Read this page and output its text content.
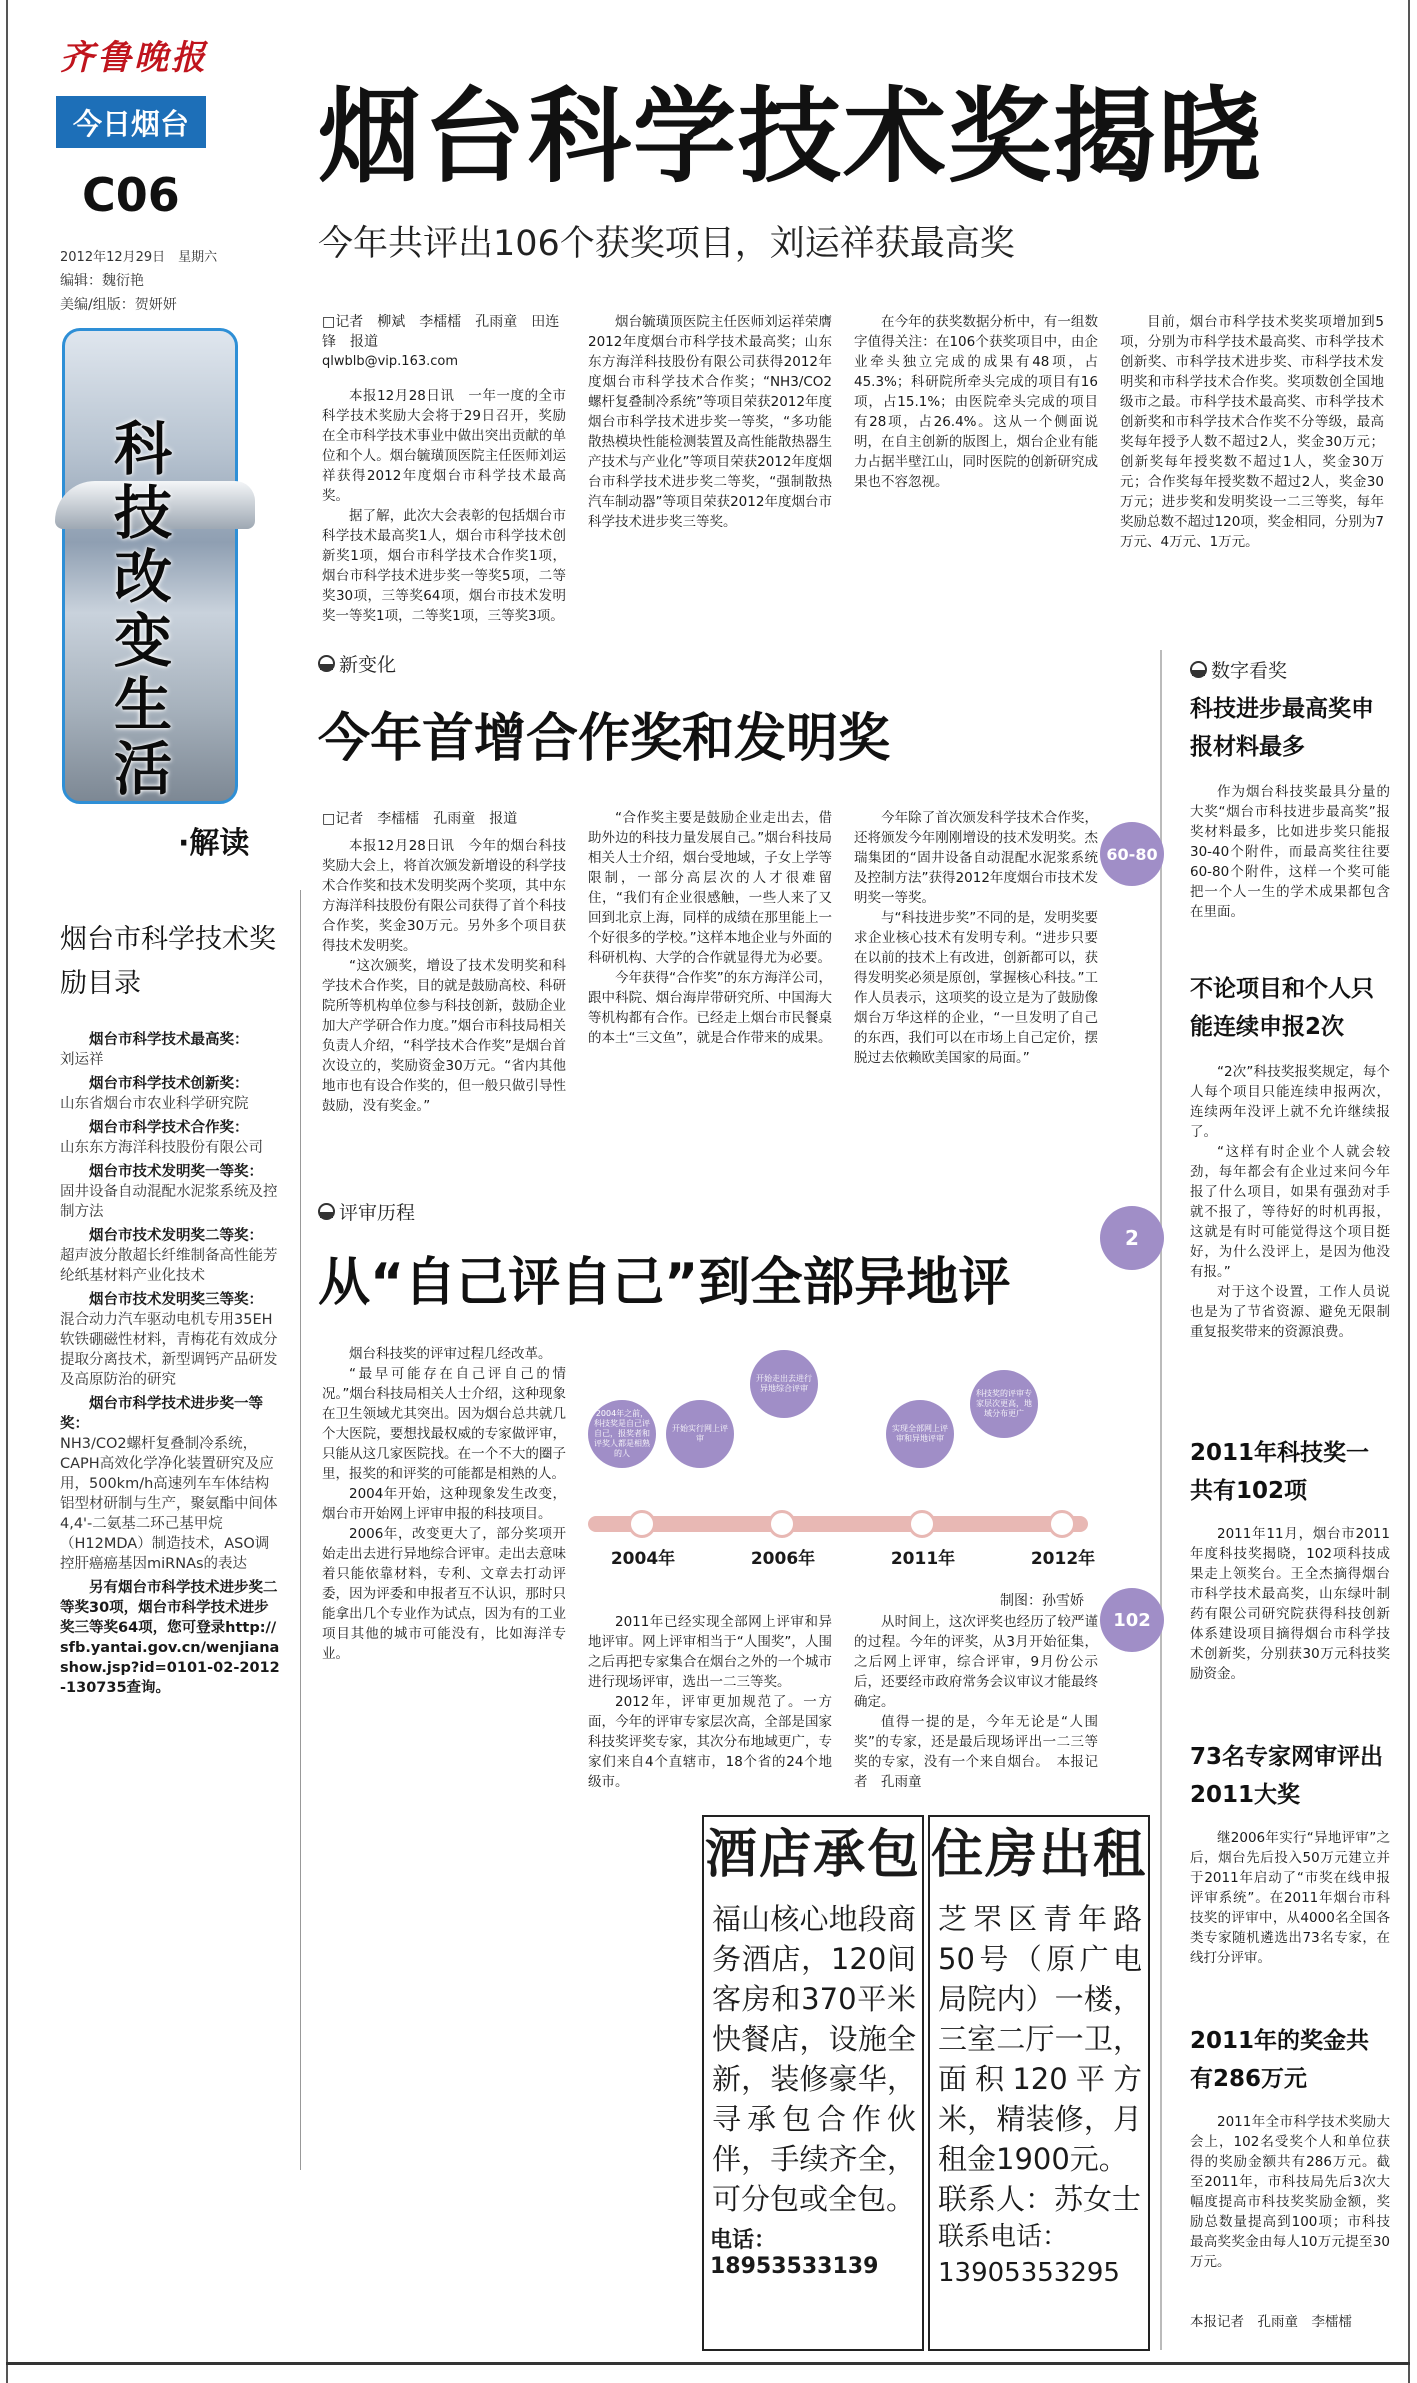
齐鲁晚报
今日烟台
C06
2012年12月29日　星期六
编辑：魏衍艳
美编/组版：贺妍妍
烟台科学技术奖揭晓
今年共评出106个获奖项目，刘运祥获最高奖
科技改变生活
·解读
烟台市科学技术奖励目录
烟台市科学技术最高奖：
刘运祥
烟台市科学技术创新奖：
山东省烟台市农业科学研究院
烟台市科学技术合作奖：
山东东方海洋科技股份有限公司
烟台市技术发明奖一等奖：
固井设备自动混配水泥浆系统及控制方法
烟台市技术发明奖二等奖：
超声波分散超长纤维制备高性能芳纶纸基材料产业化技术
烟台市技术发明奖三等奖：
混合动力汽车驱动电机专用35EH软铁硼磁性材料，青梅花有效成分提取分离技术，新型调钙产品研发及高原防治的研究
烟台市科学技术进步奖一等奖：
NH3/CO2螺杆复叠制冷系统，CAPH高效化学净化装置研究及应用，500km/h高速列车车体结构铝型材研制与生产，聚氨酯中间体4,4'-二氨基二环己基甲烷（H12MDA）制造技术，ASO调控肝癌癌基因miRNAs的表达
另有烟台市科学技术进步奖二等奖30项，烟台市科学技术进步奖三等奖64项，您可登录http://sfb.yantai.gov.cn/wenjianashow.jsp?id=0101-02-2012-130735查询。
□记者　柳斌　李檑檑　孔雨童　田连锋　报道
qlwblb@vip.163.com

本报12月28日讯　一年一度的全市科学技术奖励大会将于29日召开，奖励在全市科学技术事业中做出突出贡献的单位和个人。烟台毓璜顶医院主任医师刘运祥获得2012年度烟台市科学技术最高奖。

据了解，此次大会表彰的包括烟台市科学技术最高奖1人，烟台市科学技术创新奖1项，烟台市科学技术合作奖1项，烟台市科学技术进步奖一等奖5项，二等奖30项，三等奖64项，烟台市技术发明奖一等奖1项，二等奖1项，三等奖3项。

烟台毓璜顶医院主任医师刘运祥荣膺2012年度烟台市科学技术最高奖；山东东方海洋科技股份有限公司获得2012年度烟台市科学技术合作奖；“NH3/CO2螺杆复叠制冷系统”等项目荣获2012年度烟台市科学技术进步奖一等奖，“多功能散热模块性能检测装置及高性能散热器生产技术与产业化”等项目荣获2012年度烟台市科学技术进步奖二等奖，“强制散热汽车制动器”等项目荣获2012年度烟台市科学技术进步奖三等奖。

在今年的获奖数据分析中，有一组数字值得关注：在106个获奖项目中，由企业牵头独立完成的成果有48项，占45.3%；科研院所牵头完成的项目有16项，占15.1%；由医院牵头完成的项目有28项，占26.4%。这从一个侧面说明，在自主创新的版图上，烟台企业有能力占据半壁江山，同时医院的创新研究成果也不容忽视。

目前，烟台市科学技术奖奖项增加到5项，分别为市科学技术最高奖、市科学技术创新奖、市科学技术进步奖、市科学技术发明奖和市科学技术合作奖。奖项数创全国地级市之最。市科学技术最高奖、市科学技术创新奖和市科学技术合作奖不分等级，最高奖每年授予人数不超过2人，奖金30万元；创新奖每年授奖数不超过1人，奖金30万元；合作奖每年授奖数不超过2人，奖金30万元；进步奖和发明奖设一二三等奖，每年奖励总数不超过120项，奖金相同，分别为7万元、4万元、1万元。

新变化
今年首增合作奖和发明奖
□记者　李檑檑　孔雨童　报道

本报12月28日讯　今年的烟台科技奖励大会上，将首次颁发新增设的科学技术合作奖和技术发明奖两个奖项，其中东方海洋科技股份有限公司获得了首个科技合作奖，奖金30万元。另外多个项目获得技术发明奖。

“这次颁奖，增设了技术发明奖和科学技术合作奖，目的就是鼓励高校、科研院所等机构单位参与科技创新，鼓励企业加大产学研合作力度。”烟台市科技局相关负责人介绍，“科学技术合作奖”是烟台首次设立的，奖励资金30万元。“省内其他地市也有设合作奖的，但一般只做引导性鼓励，没有奖金。”

“合作奖主要是鼓励企业走出去，借助外边的科技力量发展自己。”烟台科技局相关人士介绍，烟台受地域，子女上学等限制，一部分高层次的人才很难留住，“我们有企业很感触，一些人来了又回到北京上海，同样的成绩在那里能上一个好很多的学校。”这样本地企业与外面的科研机构、大学的合作就显得尤为必要。

今年获得“合作奖”的东方海洋公司，跟中科院、烟台海岸带研究所、中国海大等机构都有合作。已经走上烟台市民餐桌的本土“三文鱼”，就是合作带来的成果。

今年除了首次颁发科学技术合作奖，还将颁发今年刚刚增设的技术发明奖。杰瑞集团的“固井设备自动混配水泥浆系统及控制方法”获得2012年度烟台市技术发明奖一等奖。

与“科技进步奖”不同的是，发明奖要求企业核心技术有发明专利。“进步只要在以前的技术上有改进，创新都可以，获得发明奖必须是原创，掌握核心科技。”工作人员表示，这项奖的设立是为了鼓励像烟台万华这样的企业，“一旦发明了自己的东西，我们可以在市场上自己定价，摆脱过去依赖欧美国家的局面。”

评审历程
从“自己评自己”到全部异地评

烟台科技奖的评审过程几经改革。

“最早可能存在自己评自己的情况。”烟台科技局相关人士介绍，这种现象在卫生领域尤其突出。因为烟台总共就几个大医院，要想找最权威的专家做评审，只能从这几家医院找。在一个不大的圈子里，报奖的和评奖的可能都是相熟的人。

2004年开始，这种现象发生改变，烟台市开始网上评审申报的科技项目。

2006年，改变更大了，部分奖项开始走出去进行异地综合评审。走出去意味着只能依靠材料，专利、文章去打动评委，因为评委和申报者互不认识，那时只能拿出几个专业作为试点，因为有的工业项目其他的城市可能没有，比如海洋专业。

2004年	2006年	2011年	2012年
2004年之前，科技奖是自己评自己，报奖者和评奖人都是相熟的人
开始实行网上评审
开始走出去进行异地综合评审
实现全部网上评审和异地评审
科技奖的评审专家层次更高，地域分布更广
制图：孙雪娇

2011年已经实现全部网上评审和异地评审。网上评审相当于“人围奖”，人围之后再把专家集合在烟台之外的一个城市进行现场评审，选出一二三等奖。

2012年，评审更加规范了。一方面，今年的评审专家层次高，全部是国家科技奖评奖专家，其次分布地域更广，专家们来自4个直辖市，18个省的24个地级市。

从时间上，这次评奖也经历了较严谨的过程。今年的评奖，从3月开始征集，之后网上评审，综合评审，9月份公示后，还要经市政府常务会议审议才能最终确定。

值得一提的是，今年无论是“人围奖”的专家，还是最后现场评出一二三等奖的专家，没有一个来自烟台。　本报记者　孔雨童

60-80
2
102
数字看奖
科技进步最高奖申报材料最多

作为烟台科技奖最具分量的大奖“烟台市科技进步最高奖”报奖材料最多，比如进步奖只能报30-40个附件，而最高奖往往要60-80个附件，这样一个奖可能把一个人一生的学术成果都包含在里面。

不论项目和个人只能连续申报2次

“2次”科技奖报奖规定，每个人每个项目只能连续申报两次，连续两年没评上就不允许继续报了。

“这样有时企业个人就会较劲，每年都会有企业过来问今年报了什么项目，如果有强劲对手就不报了，等待好的时机再报，这就是有时可能觉得这个项目挺好，为什么没评上，是因为他没有报。”

对于这个设置，工作人员说也是为了节省资源、避免无限制重复报奖带来的资源浪费。

2011年科技奖一共有102项

2011年11月，烟台市2011年度科技奖揭晓，102项科技成果走上领奖台。王全杰摘得烟台市科学技术最高奖，山东绿叶制药有限公司研究院获得科技创新体系建设项目摘得烟台市科学技术创新奖，分别获30万元科技奖励资金。

73名专家网审评出2011大奖

继2006年实行“异地评审”之后，烟台先后投入50万元建立并于2011年启动了“市奖在线申报评审系统”。在2011年烟台市科技奖的评审中，从4000名全国各类专家随机遴选出73名专家，在线打分评审。

2011年的奖金共有286万元

2011年全市科学技术奖励大会上，102名受奖个人和单位获得的奖励金额共有286万元。截至2011年，市科技局先后3次大幅度提高市科技奖奖励金额，奖励总数量提高到100项；市科技最高奖奖金由每人10万元提至30万元。

本报记者　孔雨童　李檑檑
酒店承包
福山核心地段商务酒店，120间客房和370平米快餐店，设施全新，装修豪华，寻承包合作伙伴，手续齐全，可分包或全包。
电话：18953533139
住房出租
芝罘区青年路50号（原广电局院内）一楼，三室二厅一卫，面积120平方米，精装修，月租金1900元。
联系人：苏女士
联系电话：13905353295
